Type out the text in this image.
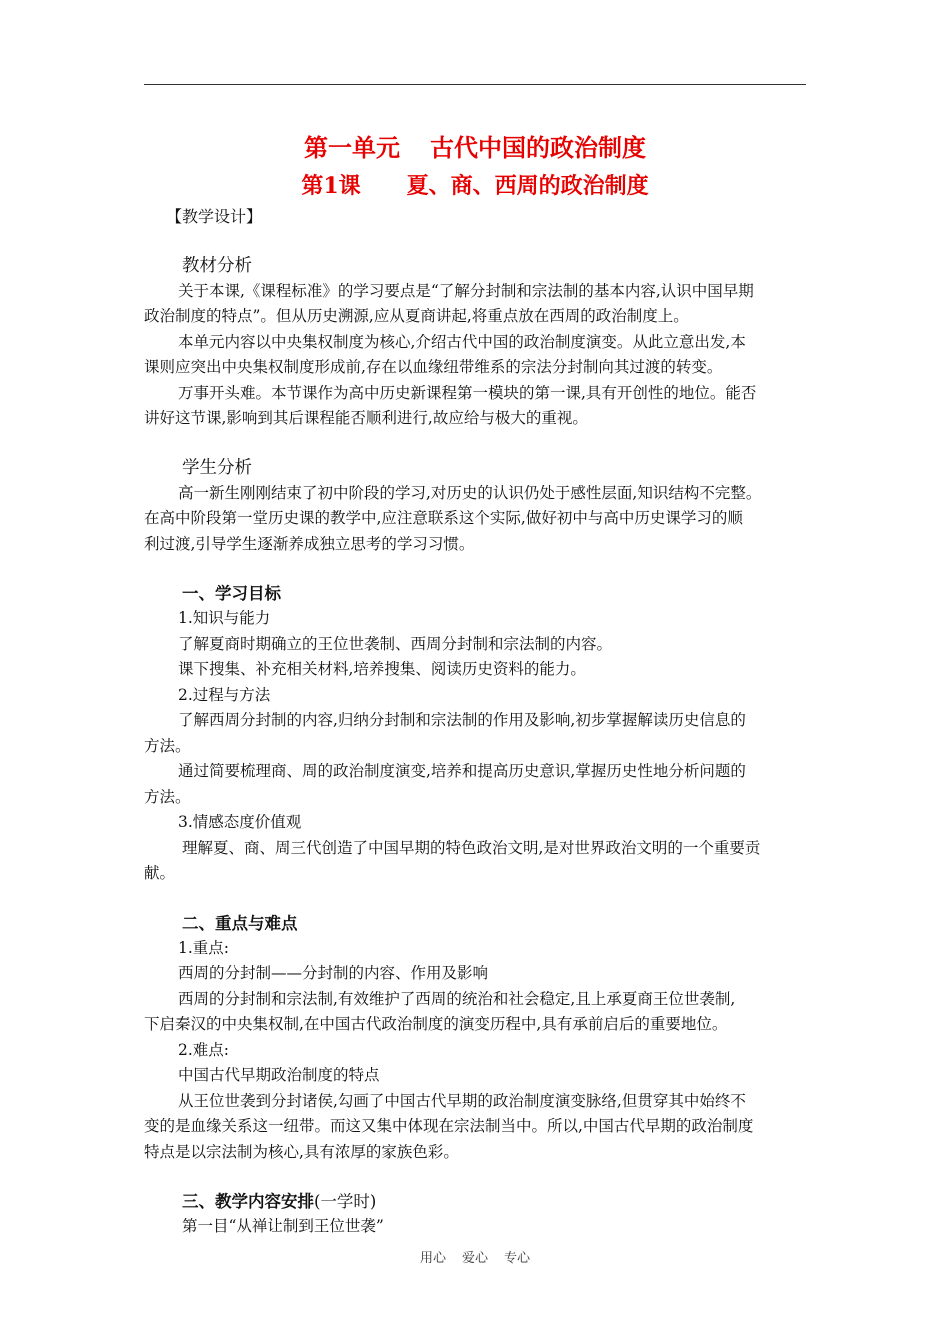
第一单元 古代中国的政治制度
第1课 夏、商、西周的政治制度
【教学设计】
教材分析
关于本课,《课程标准》的学习要点是“了解分封制和宗法制的基本内容,认识中国早期
政治制度的特点”。但从历史溯源,应从夏商讲起,将重点放在西周的政治制度上。
本单元内容以中央集权制度为核心,介绍古代中国的政治制度演变。从此立意出发,本
课则应突出中央集权制度形成前,存在以血缘纽带维系的宗法分封制向其过渡的转变。
万事开头难。本节课作为高中历史新课程第一模块的第一课,具有开创性的地位。能否
讲好这节课,影响到其后课程能否顺利进行,故应给与极大的重视。
学生分析
高一新生刚刚结束了初中阶段的学习,对历史的认识仍处于感性层面,知识结构不完整。
在高中阶段第一堂历史课的教学中,应注意联系这个实际,做好初中与高中历史课学习的顺
利过渡,引导学生逐渐养成独立思考的学习习惯。
一、学习目标
1.知识与能力
了解夏商时期确立的王位世袭制、西周分封制和宗法制的内容。
课下搜集、补充相关材料,培养搜集、阅读历史资料的能力。
2.过程与方法
了解西周分封制的内容,归纳分封制和宗法制的作用及影响,初步掌握解读历史信息的
方法。
通过简要梳理商、周的政治制度演变,培养和提高历史意识,掌握历史性地分析问题的
方法。
3.情感态度价值观
理解夏、商、周三代创造了中国早期的特色政治文明,是对世界政治文明的一个重要贡
献。
二、重点与难点
1.重点:
西周的分封制——分封制的内容、作用及影响
西周的分封制和宗法制,有效维护了西周的统治和社会稳定,且上承夏商王位世袭制,
下启秦汉的中央集权制,在中国古代政治制度的演变历程中,具有承前启后的重要地位。
2.难点:
中国古代早期政治制度的特点
从王位世袭到分封诸侯,勾画了中国古代早期的政治制度演变脉络,但贯穿其中始终不
变的是血缘关系这一纽带。而这又集中体现在宗法制当中。所以,中国古代早期的政治制度
特点是以宗法制为核心,具有浓厚的家族色彩。
三、教学内容安排(一学时)
第一目“从禅让制到王位世袭”
用心 爱心 专心
